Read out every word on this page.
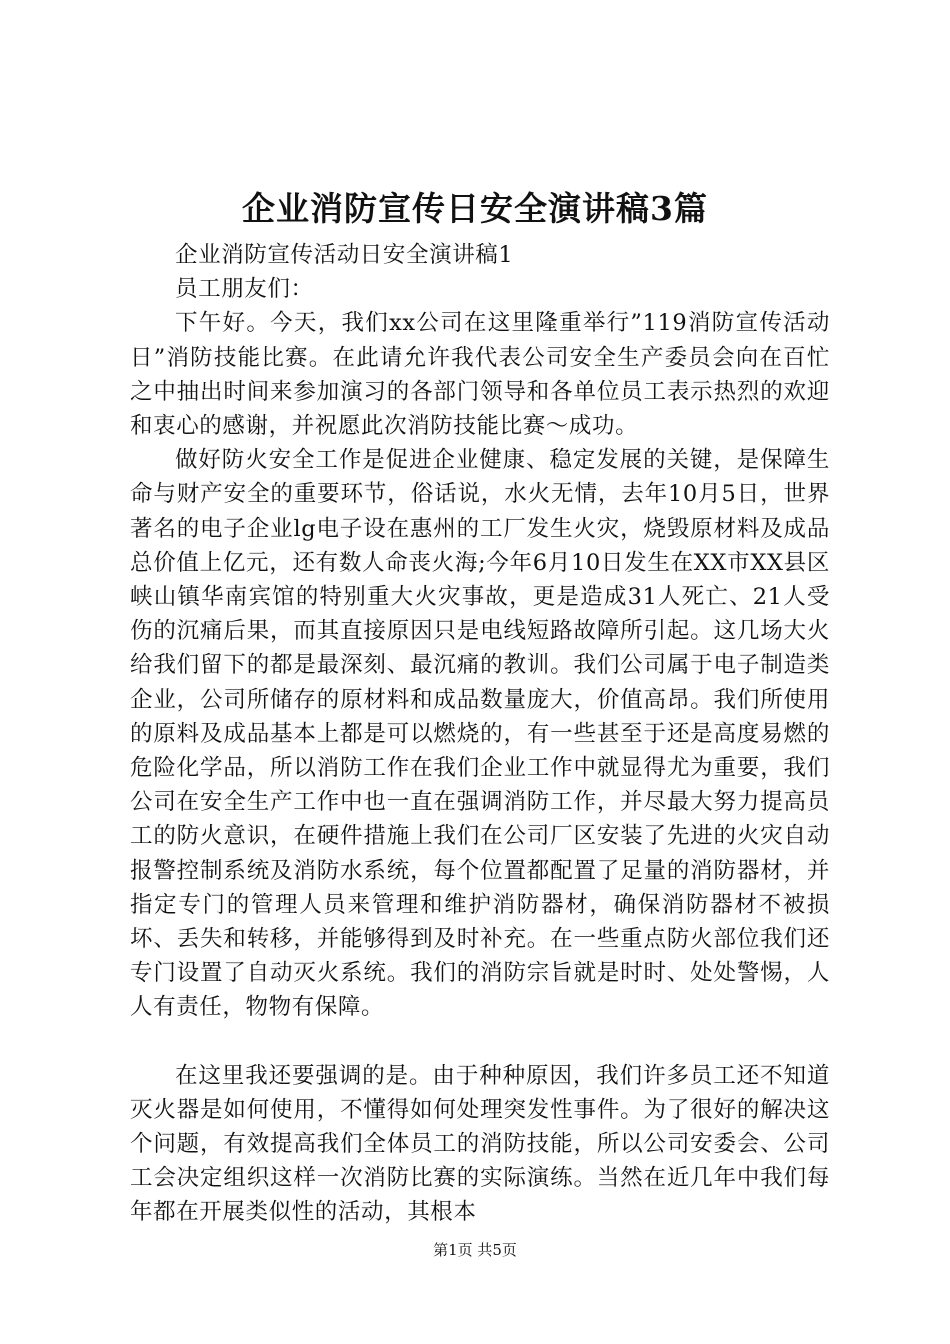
企业消防宣传日安全演讲稿3篇

企业消防宣传活动日安全演讲稿1

员工朋友们：

下午好。今天，我们xx公司在这里隆重举行”119消防宣传活动日”消防技能比赛。在此请允许我代表公司安全生产委员会向在百忙之中抽出时间来参加演习的各部门领导和各单位员工表示热烈的欢迎和衷心的感谢，并祝愿此次消防技能比赛～成功。

做好防火安全工作是促进企业健康、稳定发展的关键，是保障生命与财产安全的重要环节，俗话说，水火无情，去年10月5日，世界著名的电子企业lg电子设在惠州的工厂发生火灾，烧毁原材料及成品总价值上亿元，还有数人命丧火海;今年6月10日发生在XX市XX县区峡山镇华南宾馆的特别重大火灾事故，更是造成31人死亡、21人受伤的沉痛后果，而其直接原因只是电线短路故障所引起。这几场大火给我们留下的都是最深刻、最沉痛的教训。我们公司属于电子制造类企业，公司所储存的原材料和成品数量庞大，价值高昂。我们所使用的原料及成品基本上都是可以燃烧的，有一些甚至于还是高度易燃的危险化学品，所以消防工作在我们企业工作中就显得尤为重要，我们公司在安全生产工作中也一直在强调消防工作，并尽最大努力提高员工的防火意识，在硬件措施上我们在公司厂区安装了先进的火灾自动报警控制系统及消防水系统，每个位置都配置了足量的消防器材，并指定专门的管理人员来管理和维护消防器材，确保消防器材不被损坏、丢失和转移，并能够得到及时补充。在一些重点防火部位我们还专门设置了自动灭火系统。我们的消防宗旨就是时时、处处警惕，人人有责任，物物有保障。

在这里我还要强调的是。由于种种原因，我们许多员工还不知道灭火器是如何使用，不懂得如何处理突发性事件。为了很好的解决这个问题，有效提高我们全体员工的消防技能，所以公司安委会、公司工会决定组织这样一次消防比赛的实际演练。当然在近几年中我们每年都在开展类似性的活动，其根本

第1页 共5页
